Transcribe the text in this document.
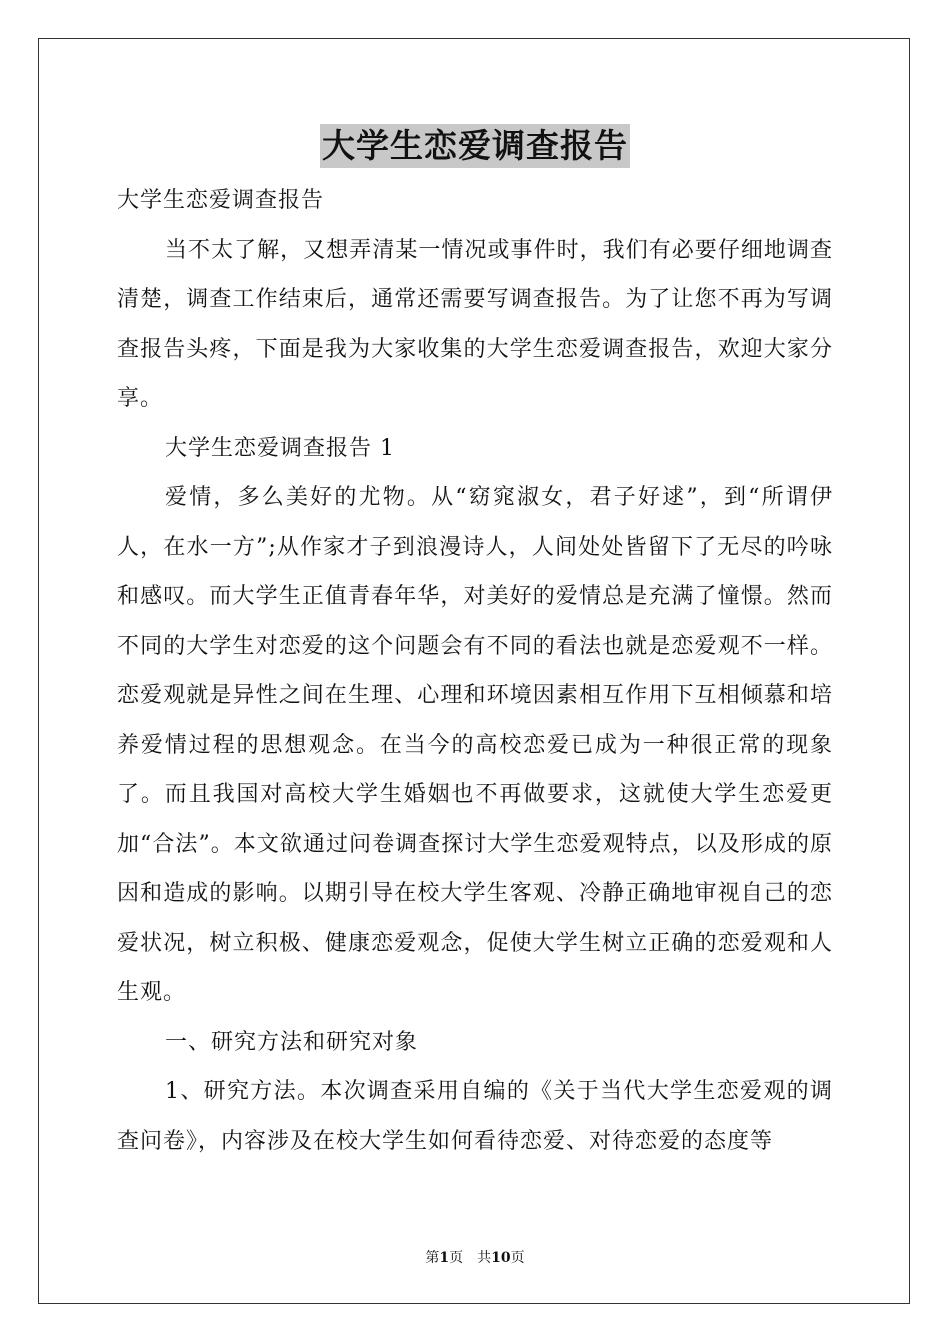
大学生恋爱调查报告

大学生恋爱调查报告

当不太了解，又想弄清某一情况或事件时，我们有必要仔细地调查清楚，调查工作结束后，通常还需要写调查报告。为了让您不再为写调查报告头疼，下面是我为大家收集的大学生恋爱调查报告，欢迎大家分享。

大学生恋爱调查报告 1

爱情，多么美好的尤物。从“窈窕淑女，君子好逑”，到“所谓伊人，在水一方”;从作家才子到浪漫诗人，人间处处皆留下了无尽的吟咏和感叹。而大学生正值青春年华，对美好的爱情总是充满了憧憬。然而不同的大学生对恋爱的这个问题会有不同的看法也就是恋爱观不一样。恋爱观就是异性之间在生理、心理和环境因素相互作用下互相倾慕和培养爱情过程的思想观念。在当今的高校恋爱已成为一种很正常的现象了。而且我国对高校大学生婚姻也不再做要求，这就使大学生恋爱更加“合法”。本文欲通过问卷调查探讨大学生恋爱观特点，以及形成的原因和造成的影响。以期引导在校大学生客观、冷静正确地审视自己的恋爱状况，树立积极、健康恋爱观念，促使大学生树立正确的恋爱观和人生观。

一、研究方法和研究对象

1、研究方法。本次调查采用自编的《关于当代大学生恋爱观的调查问卷》，内容涉及在校大学生如何看待恋爱、对待恋爱的态度等

第1页　共10页
